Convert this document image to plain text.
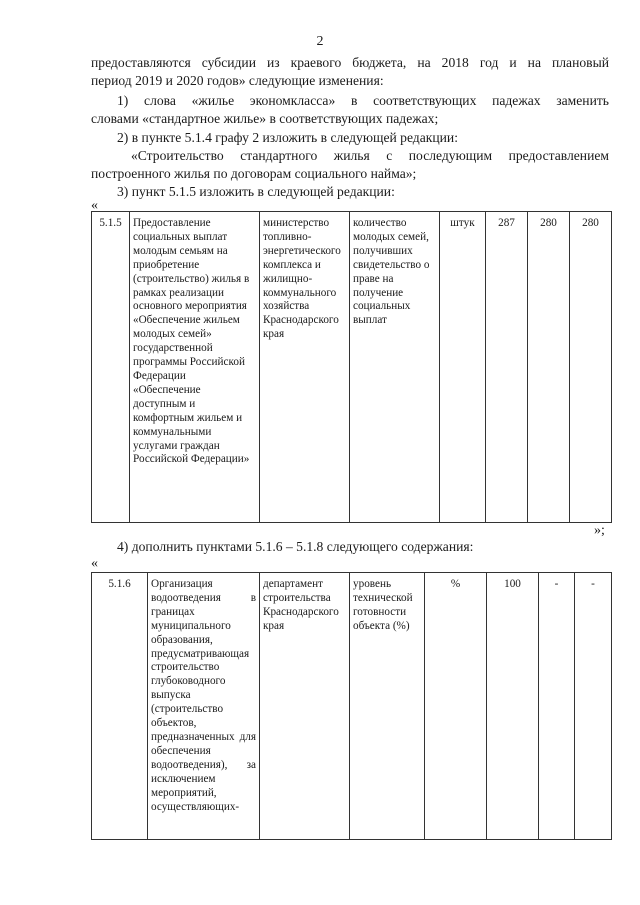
2
предоставляются субсидии из краевого бюджета, на 2018 год и на плановый
период 2019 и 2020 годов» следующие изменения:
1) слова «жилье экономкласса» в соответствующих падежах заменить
словами «стандартное жилье» в соответствующих падежах;
2) в пункте 5.1.4 графу 2 изложить в следующей редакции:
«Строительство стандартного жилья с последующим предоставлением
построенного жилья по договорам социального найма»;
3) пункт 5.1.5 изложить в следующей редакции:
«
5.1.5	Предоставление социальных выплат молодым семьям на приобретение (строительство) жилья в рамках реализации основного мероприятия «Обеспечение жильем молодых семей» государственной программы Российской Федерации «Обеспечение доступным и комфортным жильем и коммунальными услугами граждан Российской Федерации»	министерство топливно-энергетического комплекса и жилищно-коммунального хозяйства Краснодарского края	количество молодых семей, получивших свидетельство о праве на получение социальных выплат	штук	287	280	280
»;
4) дополнить пунктами 5.1.6 – 5.1.8 следующего содержания:
«
5.1.6	Организация водоотведения в границах муниципального образования, предусматривающая строительство глубоководного выпуска (строительство объектов, предназначенных для обеспечения водоотведения), за исключением мероприятий, осуществляющих-	департамент строительства Краснодарского края	уровень технической готовности объекта (%)	%	100	-	-
